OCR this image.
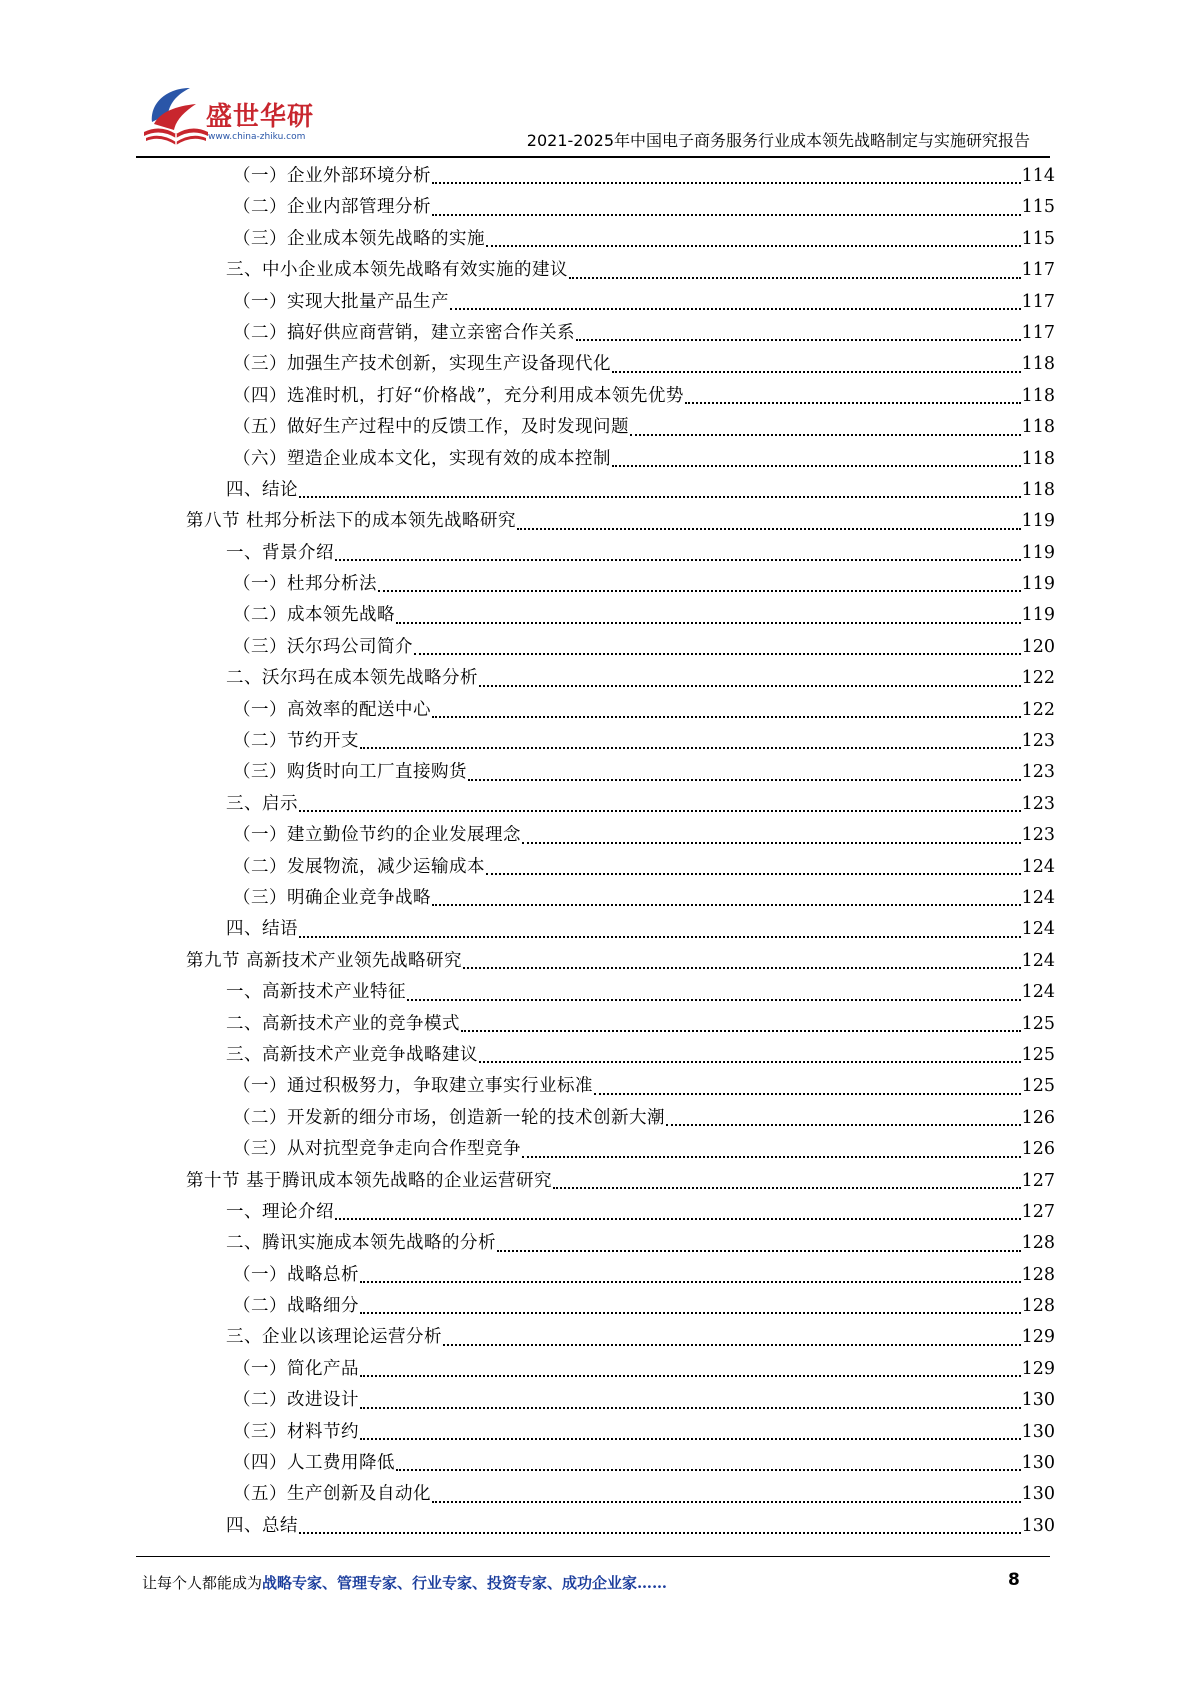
盛世华研
www.china-zhiku.com	2021-2025年中国电子商务服务行业成本领先战略制定与实施研究报告
（一）企业外部环境分析	114
（二）企业内部管理分析	115
（三）企业成本领先战略的实施	115
三、中小企业成本领先战略有效实施的建议	117
（一）实现大批量产品生产	117
（二）搞好供应商营销，建立亲密合作关系	117
（三）加强生产技术创新，实现生产设备现代化	118
（四）选准时机，打好“价格战”，充分利用成本领先优势	118
（五）做好生产过程中的反馈工作，及时发现问题	118
（六）塑造企业成本文化，实现有效的成本控制	118
四、结论	118
第八节 杜邦分析法下的成本领先战略研究	119
一、背景介绍	119
（一）杜邦分析法	119
（二）成本领先战略	119
（三）沃尔玛公司简介	120
二、沃尔玛在成本领先战略分析	122
（一）高效率的配送中心	122
（二）节约开支	123
（三）购货时向工厂直接购货	123
三、启示	123
（一）建立勤俭节约的企业发展理念	123
（二）发展物流，减少运输成本	124
（三）明确企业竞争战略	124
四、结语	124
第九节 高新技术产业领先战略研究	124
一、高新技术产业特征	124
二、高新技术产业的竞争模式	125
三、高新技术产业竞争战略建议	125
（一）通过积极努力，争取建立事实行业标准	125
（二）开发新的细分市场，创造新一轮的技术创新大潮	126
（三）从对抗型竞争走向合作型竞争	126
第十节 基于腾讯成本领先战略的企业运营研究	127
一、理论介绍	127
二、腾讯实施成本领先战略的分析	128
（一）战略总析	128
（二）战略细分	128
三、企业以该理论运营分析	129
（一）简化产品	129
（二）改进设计	130
（三）材料节约	130
（四）人工费用降低	130
（五）生产创新及自动化	130
四、总结	130
让每个人都能成为战略专家、管理专家、行业专家、投资专家、成功企业家……	8
